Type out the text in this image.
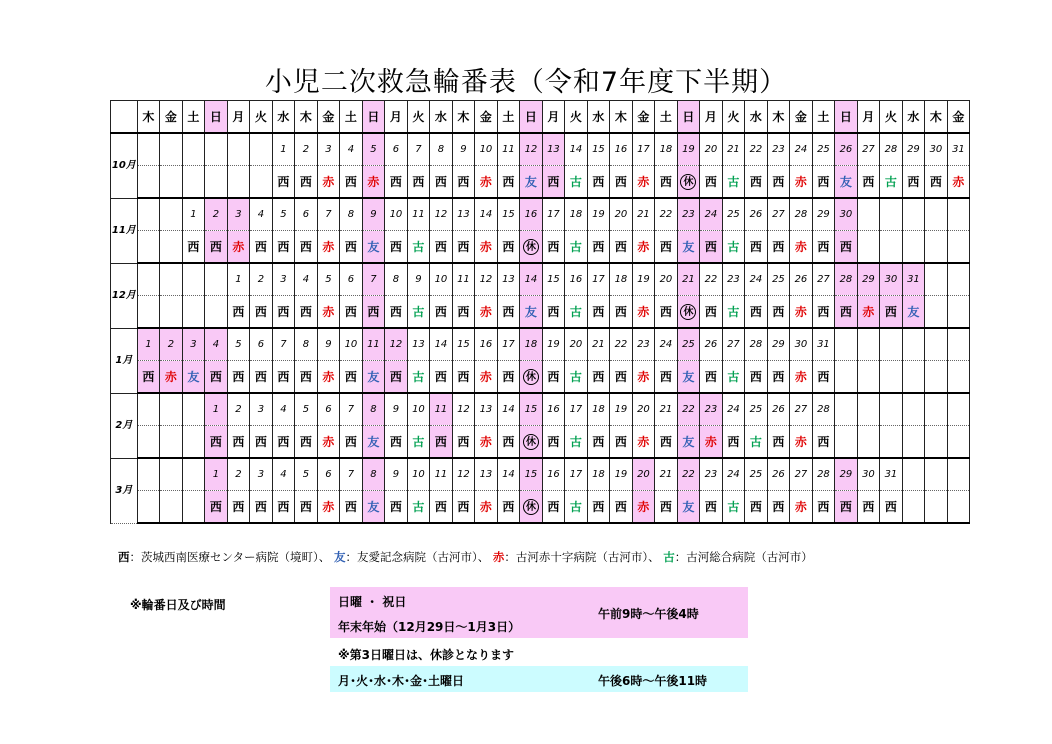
小児二次救急輪番表（令和7年度下半期）
	木	金	土	日	月	火	水	木	金	土	日	月	火	水	木	金	土	日	月	火	水	木	金	土	日	月	火	水	木	金	土	日	月	火	水	木	金
10月							1	2	3	4	5	6	7	8	9	10	11	12	13	14	15	16	17	18	19	20	21	22	23	24	25	26	27	28	29	30	31
							西	西	赤	西	赤	西	西	西	西	赤	西	友	西	古	西	西	赤	西	休	西	古	西	西	赤	西	友	西	古	西	西	赤
11月			1	2	3	4	5	6	7	8	9	10	11	12	13	14	15	16	17	18	19	20	21	22	23	24	25	26	27	28	29	30					
			西	西	赤	西	西	西	赤	西	友	西	古	西	西	赤	西	休	西	古	西	西	赤	西	友	西	古	西	西	赤	西	西					
12月					1	2	3	4	5	6	7	8	9	10	11	12	13	14	15	16	17	18	19	20	21	22	23	24	25	26	27	28	29	30	31		
					西	西	西	西	赤	西	西	西	古	西	西	赤	西	友	西	古	西	西	赤	西	休	西	古	西	西	赤	西	西	赤	西	友		
1月	1	2	3	4	5	6	7	8	9	10	11	12	13	14	15	16	17	18	19	20	21	22	23	24	25	26	27	28	29	30	31						
	西	赤	友	西	西	西	西	西	赤	西	友	西	古	西	西	赤	西	休	西	古	西	西	赤	西	友	西	古	西	西	赤	西						
2月				1	2	3	4	5	6	7	8	9	10	11	12	13	14	15	16	17	18	19	20	21	22	23	24	25	26	27	28						
				西	西	西	西	西	赤	西	友	西	古	西	西	赤	西	休	西	古	西	西	赤	西	友	赤	西	古	西	赤	西						
3月				1	2	3	4	5	6	7	8	9	10	11	12	13	14	15	16	17	18	19	20	21	22	23	24	25	26	27	28	29	30	31			
				西	西	西	西	西	赤	西	友	西	古	西	西	赤	西	休	西	古	西	西	赤	西	友	西	古	西	西	赤	西	西	西	西			
西：茨城西南医療センター病院（境町）、 友：友愛記念病院（古河市）、 赤：古河赤十字病院（古河市）、 古：古河総合病院（古河市）
※輪番日及び時間	日曜 ・ 祝日
年末年始（12月29日～1月3日）
午前9時～午後4時
※第3日曜日は、休診となります
月･火･水･木･金･土曜日	午後6時～午後11時
